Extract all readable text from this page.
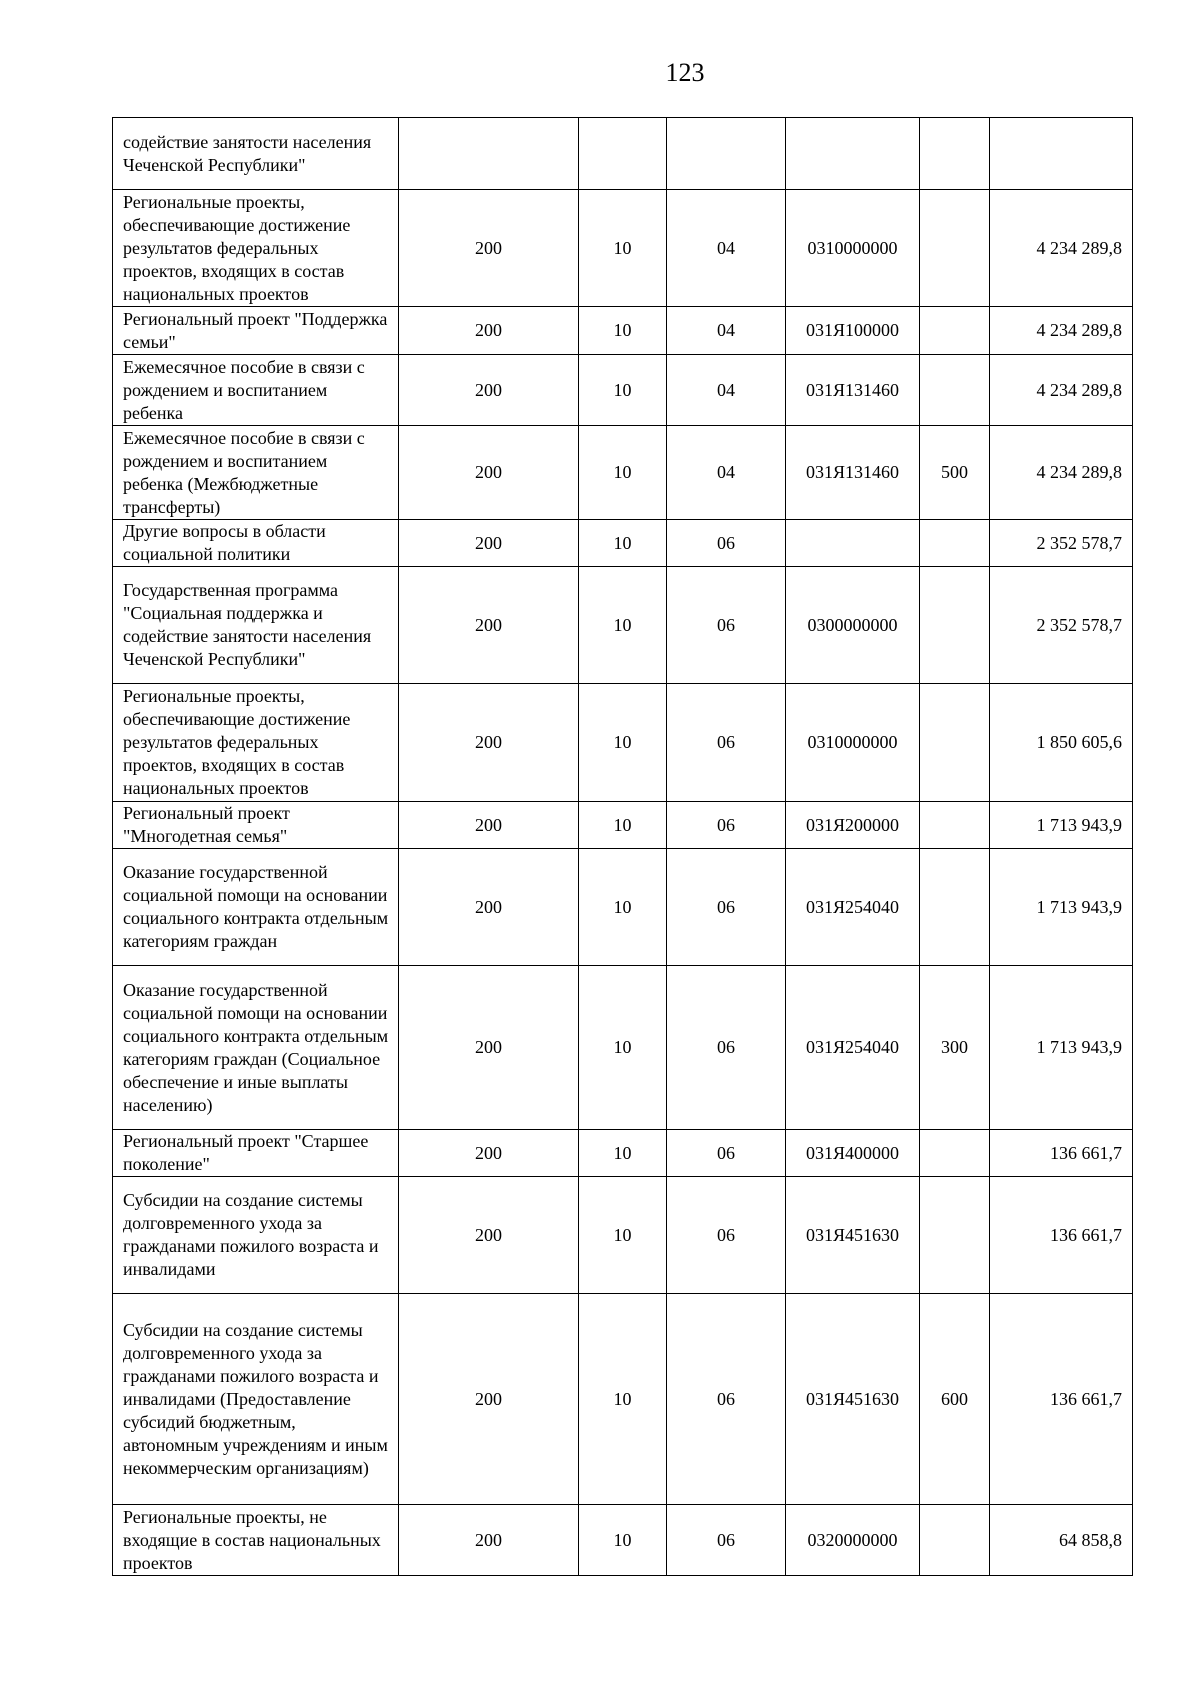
123
содействие занятости населения Чеченской Республики"						
Региональные проекты, обеспечивающие достижение результатов федеральных проектов, входящих в состав национальных проектов	200	10	04	0310000000		4 234 289,8
Региональный проект "Поддержка семьи"	200	10	04	031Я100000		4 234 289,8
Ежемесячное пособие в связи с рождением и воспитанием ребенка	200	10	04	031Я131460		4 234 289,8
Ежемесячное пособие в связи с рождением и воспитанием ребенка (Межбюджетные трансферты)	200	10	04	031Я131460	500	4 234 289,8
Другие вопросы в области социальной политики	200	10	06			2 352 578,7
Государственная программа "Социальная поддержка и содействие занятости населения Чеченской Республики"	200	10	06	0300000000		2 352 578,7
Региональные проекты, обеспечивающие достижение результатов федеральных проектов, входящих в состав национальных проектов	200	10	06	0310000000		1 850 605,6
Региональный проект "Многодетная семья"	200	10	06	031Я200000		1 713 943,9
Оказание государственной социальной помощи на основании социального контракта отдельным категориям граждан	200	10	06	031Я254040		1 713 943,9
Оказание государственной социальной помощи на основании социального контракта отдельным категориям граждан (Социальное обеспечение и иные выплаты населению)	200	10	06	031Я254040	300	1 713 943,9
Региональный проект "Старшее поколение"	200	10	06	031Я400000		136 661,7
Субсидии на создание системы долговременного ухода за гражданами пожилого возраста и инвалидами	200	10	06	031Я451630		136 661,7
Субсидии на создание системы долговременного ухода за гражданами пожилого возраста и инвалидами (Предоставление субсидий бюджетным, автономным учреждениям и иным некоммерческим организациям)	200	10	06	031Я451630	600	136 661,7
Региональные проекты, не входящие в состав национальных проектов	200	10	06	0320000000		64 858,8
